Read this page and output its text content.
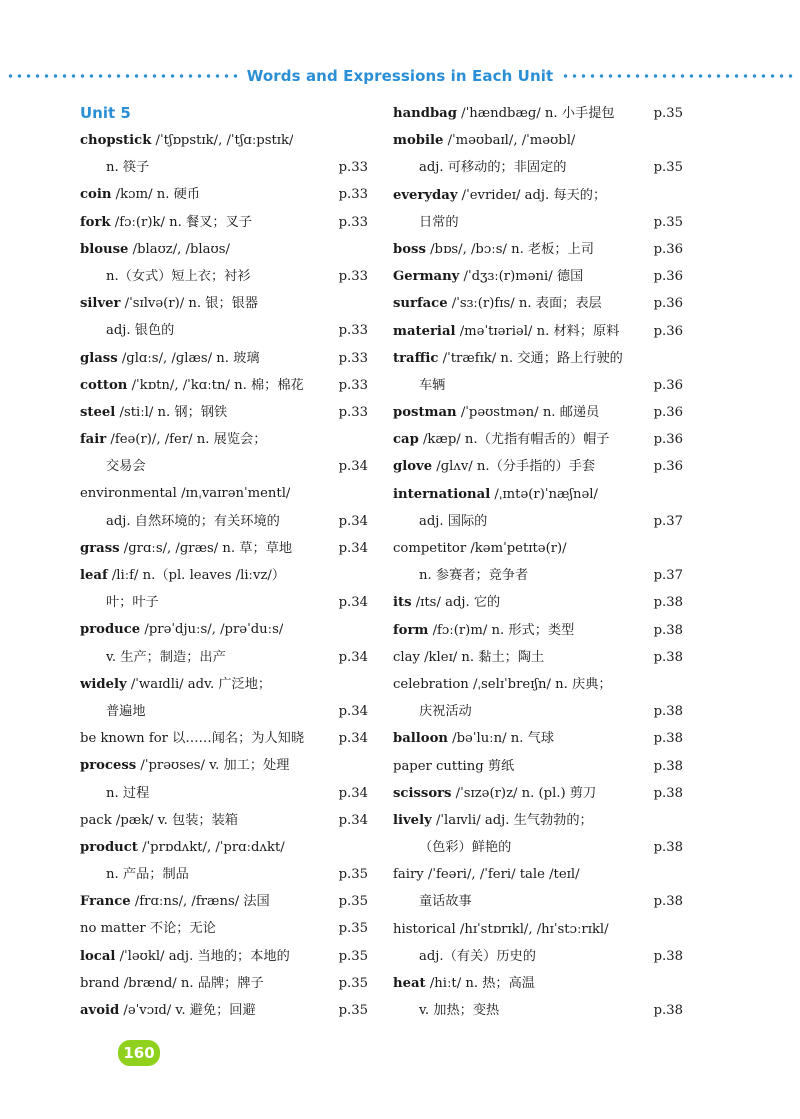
Words and Expressions in Each Unit
Unit 5
chopstick /ˈtʃɒpstɪk/, /ˈtʃɑːpstɪk/
n. 筷子	p.33
coin /kɔɪn/ n. 硬币	p.33
fork /fɔː(r)k/ n. 餐叉；叉子	p.33
blouse /blaʊz/, /blaʊs/
n.（女式）短上衣；衬衫	p.33
silver /ˈsɪlvə(r)/ n. 银；银器
adj. 银色的	p.33
glass /ɡlɑːs/, /ɡlæs/ n. 玻璃	p.33
cotton /ˈkɒtn/, /ˈkɑːtn/ n. 棉；棉花	p.33
steel /stiːl/ n. 钢；钢铁	p.33
fair /feə(r)/, /fer/ n. 展览会；
交易会	p.34
environmental /ɪnˌvaɪrənˈmentl/
adj. 自然环境的；有关环境的	p.34
grass /ɡrɑːs/, /ɡræs/ n. 草；草地	p.34
leaf /liːf/ n.（pl. leaves /liːvz/）
叶；叶子	p.34
produce /prəˈdjuːs/, /prəˈduːs/
v. 生产；制造；出产	p.34
widely /ˈwaɪdli/ adv. 广泛地；
普遍地	p.34
be known for 以……闻名；为人知晓	p.34
process /ˈprəʊses/ v. 加工；处理
n. 过程	p.34
pack /pæk/ v. 包装；装箱	p.34
product /ˈprɒdʌkt/, /ˈprɑːdʌkt/
n. 产品；制品	p.35
France /frɑːns/, /fræns/ 法国	p.35
no matter 不论；无论	p.35
local /ˈləʊkl/ adj. 当地的；本地的	p.35
brand /brænd/ n. 品牌；牌子	p.35
avoid /əˈvɔɪd/ v. 避免；回避	p.35
handbag /ˈhændbæɡ/ n. 小手提包	p.35
mobile /ˈməʊbaɪl/, /ˈməʊbl/
adj. 可移动的；非固定的	p.35
everyday /ˈevrideɪ/ adj. 每天的；
日常的	p.35
boss /bɒs/, /bɔːs/ n. 老板；上司	p.36
Germany /ˈdʒɜː(r)məni/ 德国	p.36
surface /ˈsɜː(r)fɪs/ n. 表面；表层	p.36
material /məˈtɪəriəl/ n. 材料；原料	p.36
traffic /ˈtræfɪk/ n. 交通；路上行驶的
车辆	p.36
postman /ˈpəʊstmən/ n. 邮递员	p.36
cap /kæp/ n.（尤指有帽舌的）帽子	p.36
glove /ɡlʌv/ n.（分手指的）手套	p.36
international /ˌɪntə(r)ˈnæʃnəl/
adj. 国际的	p.37
competitor /kəmˈpetɪtə(r)/
n. 参赛者；竞争者	p.37
its /ɪts/ adj. 它的	p.38
form /fɔː(r)m/ n. 形式；类型	p.38
clay /kleɪ/ n. 黏土；陶土	p.38
celebration /ˌselɪˈbreɪʃn/ n. 庆典；
庆祝活动	p.38
balloon /bəˈluːn/ n. 气球	p.38
paper cutting 剪纸	p.38
scissors /ˈsɪzə(r)z/ n. (pl.) 剪刀	p.38
lively /ˈlaɪvli/ adj. 生气勃勃的；
（色彩）鲜艳的	p.38
fairy /ˈfeəri/, /ˈferi/ tale /teɪl/
童话故事	p.38
historical /hɪˈstɒrɪkl/, /hɪˈstɔːrɪkl/
adj.（有关）历史的	p.38
heat /hiːt/ n. 热；高温
v. 加热；变热	p.38
160
